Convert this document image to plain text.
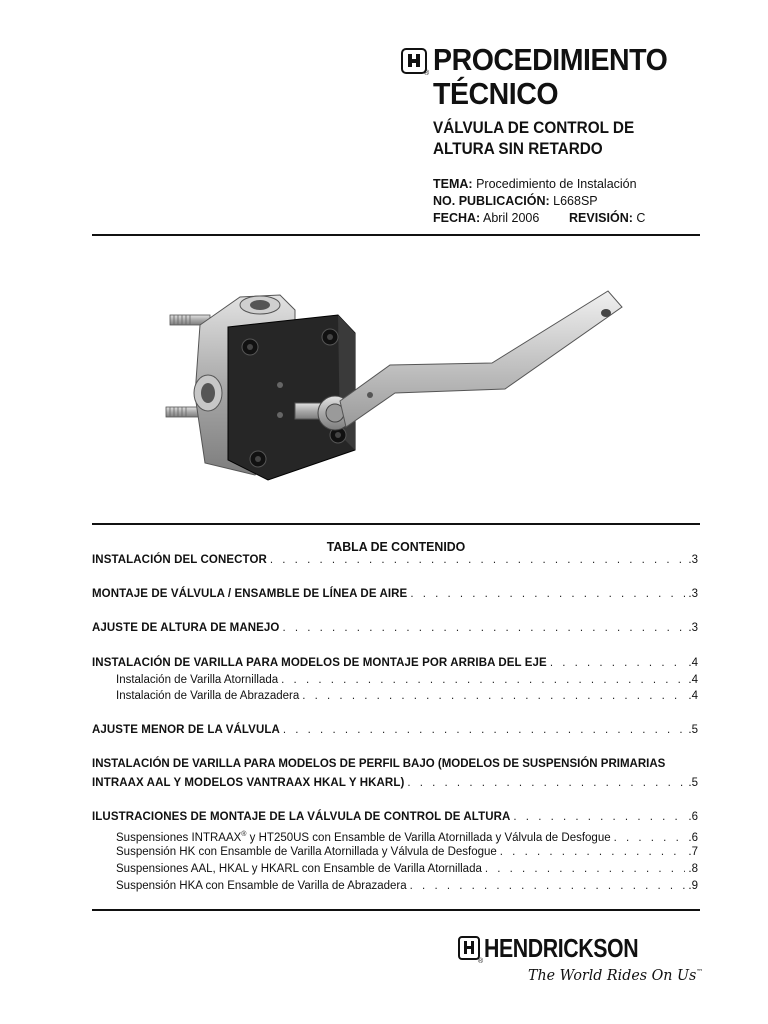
® PROCEDIMIENTO
TÉCNICO
VÁLVULA DE CONTROL DE
ALTURA SIN RETARDO
TEMA: Procedimiento de Instalación
NO. PUBLICACIÓN: L668SP
FECHA: Abril 2006 REVISIÓN: C
TABLA DE CONTENIDO
INSTALACIÓN DEL CONECTOR . . .	.3
MONTAJE DE VÁLVULA / ENSAMBLE DE LÍNEA DE AIRE . . .	.3
AJUSTE DE ALTURA DE MANEJO . . .	.3
INSTALACIÓN DE VARILLA PARA MODELOS DE MONTAJE POR ARRIBA DEL EJE . . .	.4
Instalación de Varilla Atornillada . . .	.4
Instalación de Varilla de Abrazadera . . .	.4
AJUSTE MENOR DE LA VÁLVULA . . .	.5
INSTALACIÓN DE VARILLA PARA MODELOS DE PERFIL BAJO (MODELOS DE SUSPENSIÓN PRIMARIAS
INTRAAX AAL Y MODELOS VANTRAAX HKAL Y HKARL) . . .	.5
ILUSTRACIONES DE MONTAJE DE LA VÁLVULA DE CONTROL DE ALTURA . . .	.6
Suspensiones INTRAAX® y HT250US con Ensamble de Varilla Atornillada y Válvula de Desfogue . . .	.6
Suspensión HK con Ensamble de Varilla Atornillada y Válvula de Desfogue . . .	.7
Suspensiones AAL, HKAL y HKARL con Ensamble de Varilla Atornillada . . .	.8
Suspensión HKA con Ensamble de Varilla de Abrazadera . . .	.9
® HENDRICKSON
The World Rides On Us™
